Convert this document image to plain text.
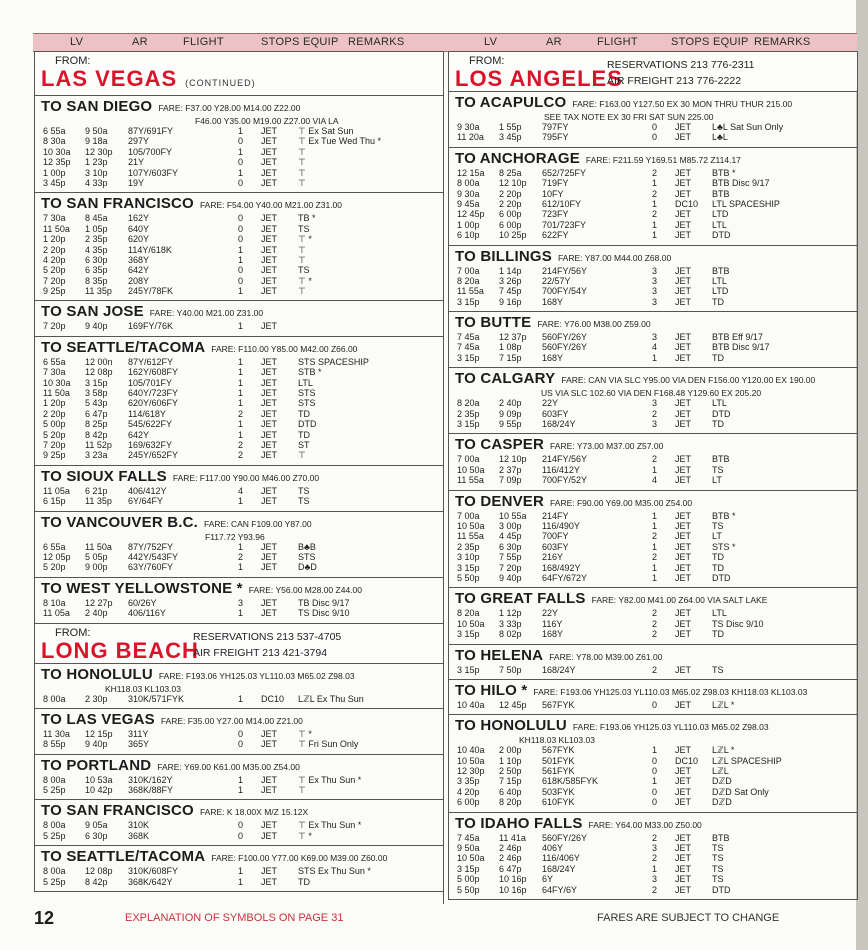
LV	AR	FLIGHT	STOPS EQUIP REMARKS	LV	AR	FLIGHT	STOPS EQUIP REMARKS
FROM:
LAS VEGAS (CONTINUED)
TO SAN DIEGO FARE: F37.00 Y28.00 M14.00 Z22.00
F46.00 Y35.00 M19.00 Z27.00 VIA LA
6 55a 9 50a 87Y/691FY	1 JET ⊤ Ex Sat Sun
8 30a 9 18a 297Y	0 JET ⊤ Ex Tue Wed Thu *
10 30a 12 30p 105/700FY	1 JET ⊤
12 35p 1 23p 21Y	0 JET ⊤
1 00p 3 10p 107Y/603FY	1 JET ⊤
3 45p 4 33p 19Y	0 JET ⊤
TO SAN FRANCISCO FARE: F54.00 Y40.00 M21.00 Z31.00
7 30a 8 45a 162Y	0 JET TB *
11 50a 1 05p 640Y	0 JET TS
1 20p 2 35p 620Y	0 JET ⊤ *
2 20p 4 35p 114Y/618K	1 JET ⊤
4 20p 6 30p 368Y	1 JET ⊤
5 20p 6 35p 642Y	0 JET TS
7 20p 8 35p 208Y	0 JET ⊤ *
9 25p 11 35p 245Y/78FK	1 JET ⊤
TO SAN JOSE FARE: Y40.00 M21.00 Z31.00
7 20p 9 40p 169FY/76K	1 JET
TO SEATTLE/TACOMA FARE: F110.00 Y85.00 M42.00 Z66.00
6 55a 12 00n 87Y/612FY	1 JET STS SPACESHIP
7 30a 12 08p 162Y/608FY	1 JET STB *
10 30a 3 15p 105/701FY	1 JET LTL
11 50a 3 58p 640Y/723FY	1 JET STS
1 20p 5 43p 620Y/606FY	1 JET STS
2 20p 6 47p 114/618Y	2 JET TD
5 00p 8 25p 545/622FY	1 JET DTD
5 20p 8 42p 642Y	1 JET TD
7 20p 11 52p 169/632FY	2 JET ST
9 25p 3 23a 245Y/652FY	2 JET ⊤
TO SIOUX FALLS FARE: F117.00 Y90.00 M46.00 Z70.00
11 05a 6 21p 406/412Y	4 JET TS
6 15p 11 35p 6Y/64FY	1 JET TS
TO VANCOUVER B.C. FARE: CAN F109.00 Y87.00
F117.72 Y93.96
6 55a 11 50a 87Y/752FY	1 JET B♣B
12 05p 5 05p 442Y/543FY	2 JET STS
5 20p 9 00p 63Y/760FY	1 JET D♣D
TO WEST YELLOWSTONE * FARE: Y56.00 M28.00 Z44.00
8 10a 12 27p 60/26Y	3 JET TB Disc 9/17
11 05a 2 40p 406/116Y	1 JET TS Disc 9/10
FROM:
LONG BEACH
RESERVATIONS 213 537-4705
AIR FREIGHT 213 421-3794
TO HONOLULU FARE: F193.06 YH125.03 YL110.03 M65.02 Z98.03
KH118.03 KL103.03
8 00a 2 30p 310K/571FYK	1 DC10 LℤL Ex Thu Sun
TO LAS VEGAS FARE: F35.00 Y27.00 M14.00 Z21.00
11 30a 12 15p 311Y	0 JET ⊤ *
8 55p 9 40p 365Y	0 JET ⊤ Fri Sun Only
TO PORTLAND FARE: Y69.00 K61.00 M35.00 Z54.00
8 00a 10 53a 310K/162Y	1 JET ⊤ Ex Thu Sun *
5 25p 10 42p 368K/88FY	1 JET ⊤
TO SAN FRANCISCO FARE: K 18.00X M/Z 15.12X
8 00a 9 05a 310K	0 JET ⊤ Ex Thu Sun *
5 25p 6 30p 368K	0 JET ⊤ *
TO SEATTLE/TACOMA FARE: F100.00 Y77.00 K69.00 M39.00 Z60.00
8 00a 12 08p 310K/608FY	1 JET STS Ex Thu Sun *
5 25p 8 42p 368K/642Y	1 JET TD
FROM:
LOS ANGELES
RESERVATIONS 213 776-2311
AIR FREIGHT 213 776-2222
TO ACAPULCO FARE: F163.00 Y127.50 EX 30 MON THRU THUR 215.00
SEE TAX NOTE EX 30 FRI SAT SUN 225.00
9 30a 1 55p 797FY	0 JET L♣L Sat Sun Only
11 20a 3 45p 795FY	0 JET L♣L
TO ANCHORAGE FARE: F211.59 Y169.51 M85.72 Z114.17
12 15a 8 25a 652/725FY	2 JET BTB *
8 00a 12 10p 719FY	1 JET BTB Disc 9/17
9 30a 2 20p 10FY	2 JET BTB
9 45a 2 20p 612/10FY	1 DC10 LTL SPACESHIP
12 45p 6 00p 723FY	2 JET LTD
1 00p 6 00p 701/723FY	1 JET LTL
6 10p 10 25p 622FY	1 JET DTD
TO BILLINGS FARE: Y87.00 M44.00 Z68.00
7 00a 1 14p 214FY/56Y	3 JET BTB
8 20a 3 26p 22/57Y	3 JET LTL
11 55a 7 45p 700FY/54Y	3 JET LTD
3 15p 9 16p 168Y	3 JET TD
TO BUTTE FARE: Y76.00 M38.00 Z59.00
7 45a 12 37p 560FY/26Y	3 JET BTB Eff 9/17
7 45a 1 08p 560FY/26Y	4 JET BTB Disc 9/17
3 15p 7 15p 168Y	1 JET TD
TO CALGARY FARE: CAN VIA SLC Y95.00 VIA DEN F156.00 Y120.00 EX 190.00
US VIA SLC 102.60 VIA DEN F168.48 Y129.60 EX 205.20
8 20a 2 40p 22Y	3 JET LTL
2 35p 9 09p 603FY	2 JET DTD
3 15p 9 55p 168/24Y	3 JET TD
TO CASPER FARE: Y73.00 M37.00 Z57.00
7 00a 12 10p 214FY/56Y	2 JET BTB
10 50a 2 37p 116/412Y	1 JET TS
11 55a 7 09p 700FY/52Y	4 JET LT
TO DENVER FARE: F90.00 Y69.00 M35.00 Z54.00
7 00a 10 55a 214FY	1 JET BTB *
10 50a 3 00p 116/490Y	1 JET TS
11 55a 4 45p 700FY	2 JET LT
2 35p 6 30p 603FY	1 JET STS *
3 10p 7 55p 216Y	2 JET TD
3 15p 7 20p 168/492Y	1 JET TD
5 50p 9 40p 64FY/672Y	1 JET DTD
TO GREAT FALLS FARE: Y82.00 M41.00 Z64.00 VIA SALT LAKE
8 20a 1 12p 22Y	2 JET LTL
10 50a 3 33p 116Y	2 JET TS Disc 9/10
3 15p 8 02p 168Y	2 JET TD
TO HELENA FARE: Y78.00 M39.00 Z61.00
3 15p 7 50p 168/24Y	2 JET TS
TO HILO * FARE: F193.06 YH125.03 YL110.03 M65.02 Z98.03 KH118.03 KL103.03
10 40a 12 45p 567FYK	0 JET LℤL *
TO HONOLULU FARE: F193.06 YH125.03 YL110.03 M65.02 Z98.03
KH118.03 KL103.03
10 40a 2 00p 567FYK	1 JET LℤL *
10 50a 1 10p 501FYK	0 DC10 LℤL SPACESHIP
12 30p 2 50p 561FYK	0 JET LℤL
3 35p 7 15p 618K/585FYK	1 JET DℤD
4 20p 6 40p 503FYK	0 JET DℤD Sat Only
6 00p 8 20p 610FYK	0 JET DℤD
TO IDAHO FALLS FARE: Y64.00 M33.00 Z50.00
7 45a 11 41a 560FY/26Y	2 JET BTB
9 50a 2 46p 406Y	3 JET TS
10 50a 2 46p 116/406Y	2 JET TS
3 15p 6 47p 168/24Y	1 JET TS
5 00p 10 16p 6Y	3 JET TS
5 50p 10 16p 64FY/6Y	2 JET DTD
12	EXPLANATION OF SYMBOLS ON PAGE 31	FARES ARE SUBJECT TO CHANGE
